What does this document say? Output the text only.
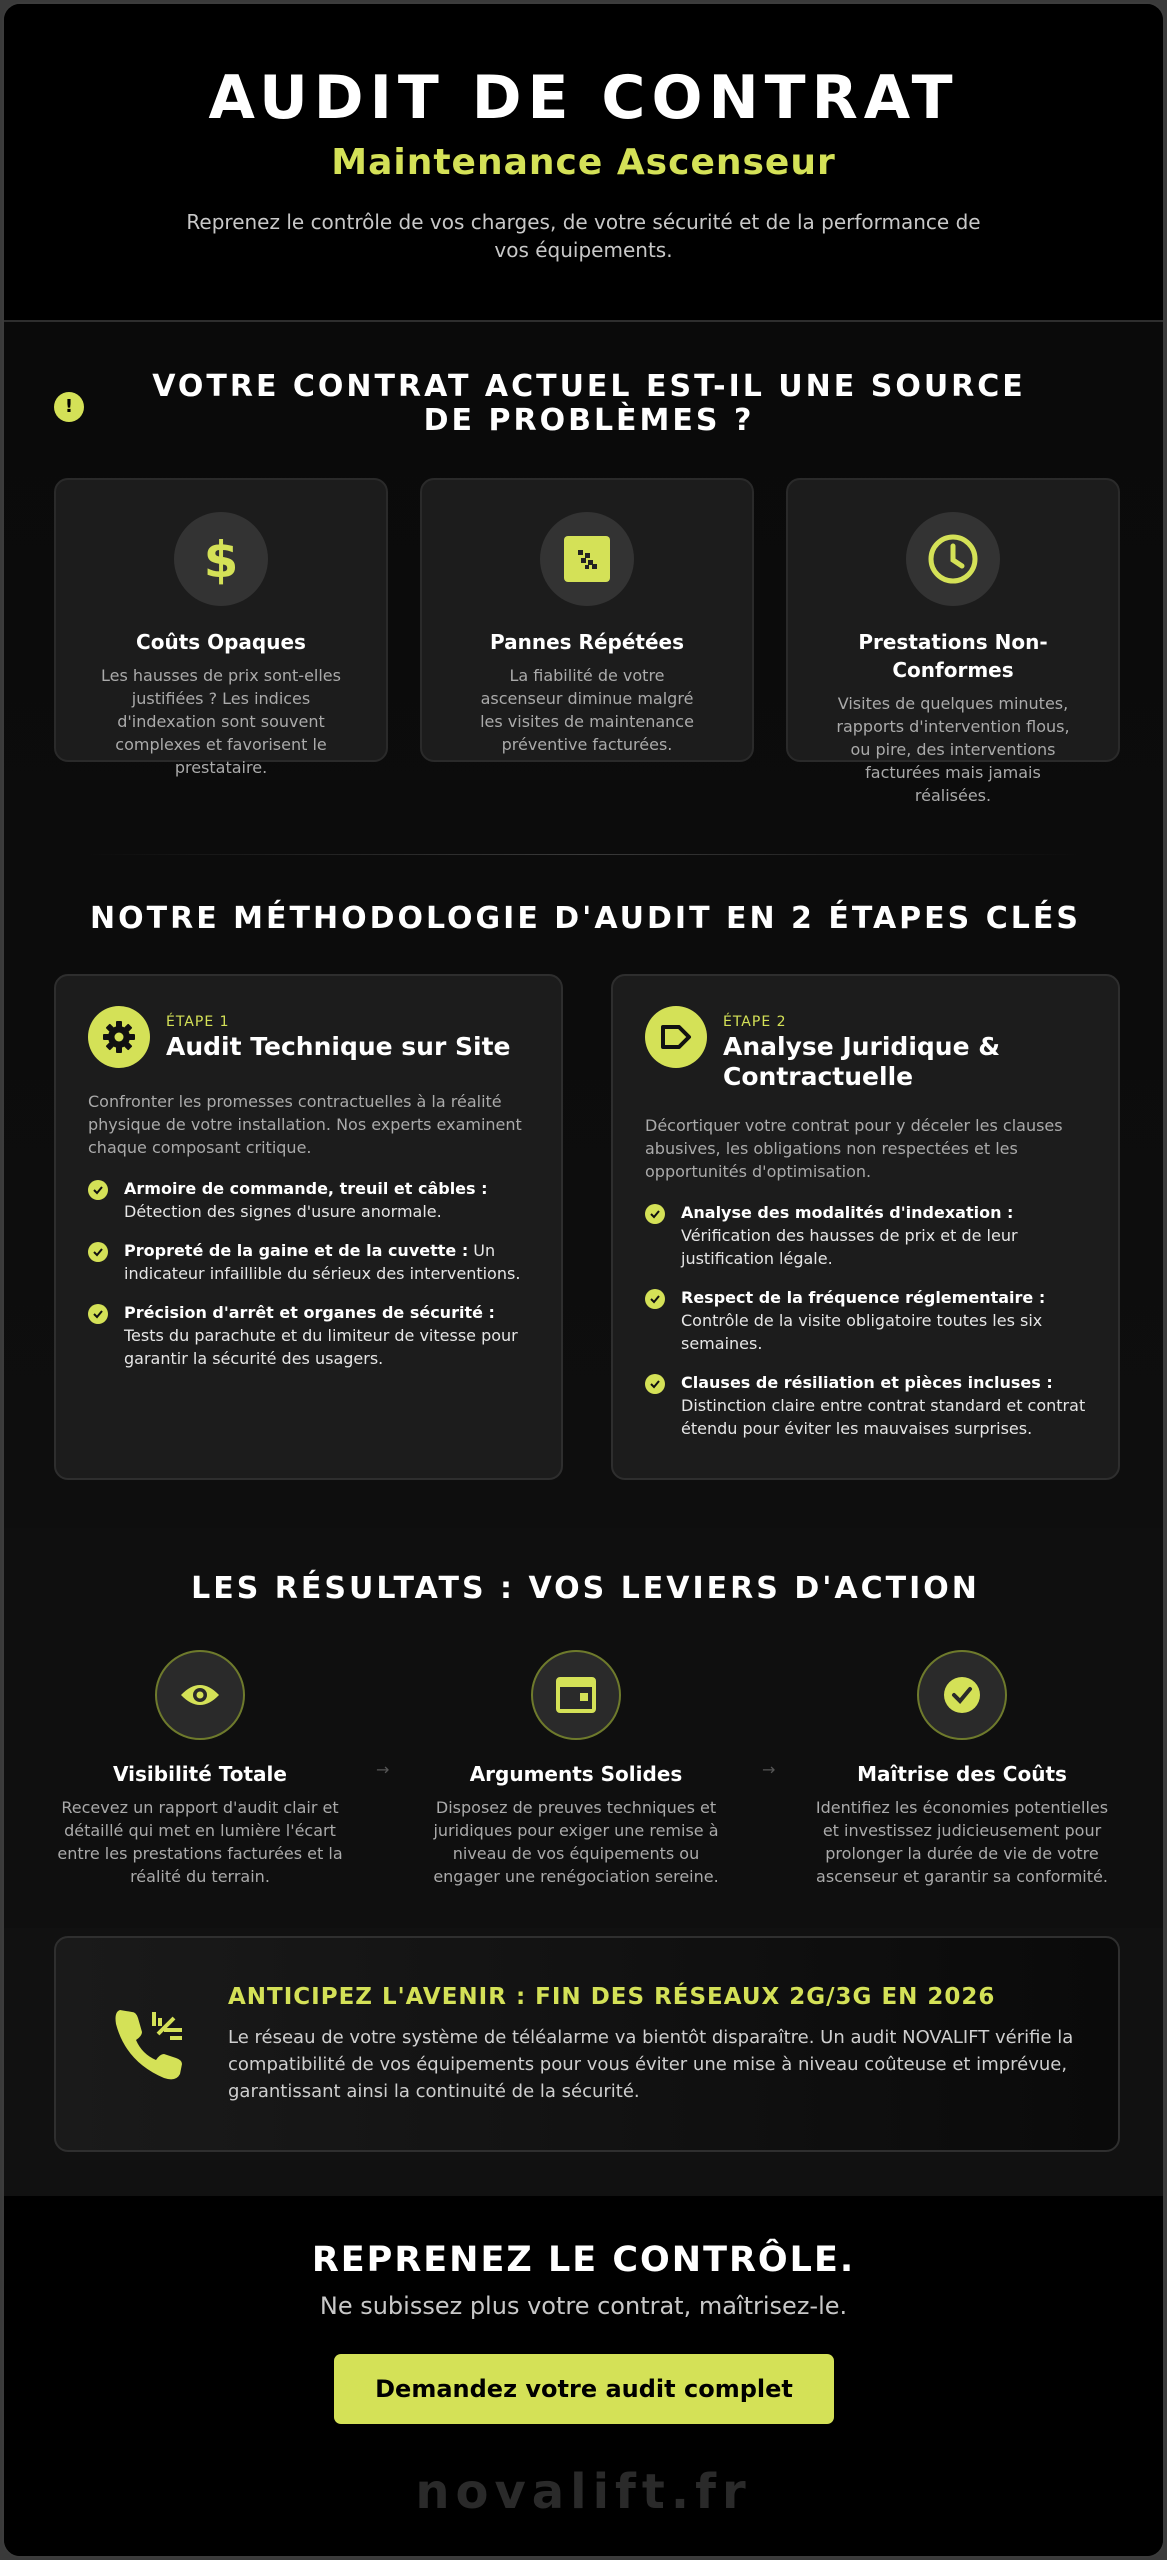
AUDIT DE CONTRAT
Maintenance Ascenseur

Reprenez le contrôle de vos charges, de votre sécurité et de la performance de vos équipements.

!
VOTRE CONTRAT ACTUEL EST-IL UNE SOURCE DE PROBLÈMES ?
$
Coûts Opaques

Les hausses de prix sont-elles justifiées ? Les indices d'indexation sont souvent complexes et favorisent le prestataire.

Pannes Répétées

La fiabilité de votre ascenseur diminue malgré les visites de maintenance préventive facturées.

Prestations Non-Conformes

Visites de quelques minutes, rapports d'intervention flous, ou pire, des interventions facturées mais jamais réalisées.

NOTRE MÉTHODOLOGIE D'AUDIT EN 2 ÉTAPES CLÉS
ÉTAPE 1
Audit Technique sur Site

Confronter les promesses contractuelles à la réalité physique de votre installation. Nos experts examinent chaque composant critique.

Armoire de commande, treuil et câbles : Détection des signes d'usure anormale.
Propreté de la gaine et de la cuvette : Un indicateur infaillible du sérieux des interventions.
Précision d'arrêt et organes de sécurité : Tests du parachute et du limiteur de vitesse pour garantir la sécurité des usagers.
ÉTAPE 2
Analyse Juridique & Contractuelle

Décortiquer votre contrat pour y déceler les clauses abusives, les obligations non respectées et les opportunités d'optimisation.

Analyse des modalités d'indexation : Vérification des hausses de prix et de leur justification légale.
Respect de la fréquence réglementaire : Contrôle de la visite obligatoire toutes les six semaines.
Clauses de résiliation et pièces incluses : Distinction claire entre contrat standard et contrat étendu pour éviter les mauvaises surprises.
LES RÉSULTATS : VOS LEVIERS D'ACTION
Visibilité Totale

Recevez un rapport d'audit clair et détaillé qui met en lumière l'écart entre les prestations facturées et la réalité du terrain.

→	Arguments Solides

Disposez de preuves techniques et juridiques pour exiger une remise à niveau de vos équipements ou engager une renégociation sereine.

→	Maîtrise des Coûts

Identifiez les économies potentielles et investissez judicieusement pour prolonger la durée de vie de votre ascenseur et garantir sa conformité.

ANTICIPEZ L'AVENIR : FIN DES RÉSEAUX 2G/3G EN 2026

Le réseau de votre système de téléalarme va bientôt disparaître. Un audit NOVALIFT vérifie la compatibilité de vos équipements pour vous éviter une mise à niveau coûteuse et imprévue, garantissant ainsi la continuité de la sécurité.

REPRENEZ LE CONTRÔLE.
Ne subissez plus votre contrat, maîtrisez-le.
Demandez votre audit complet
novalift.fr
